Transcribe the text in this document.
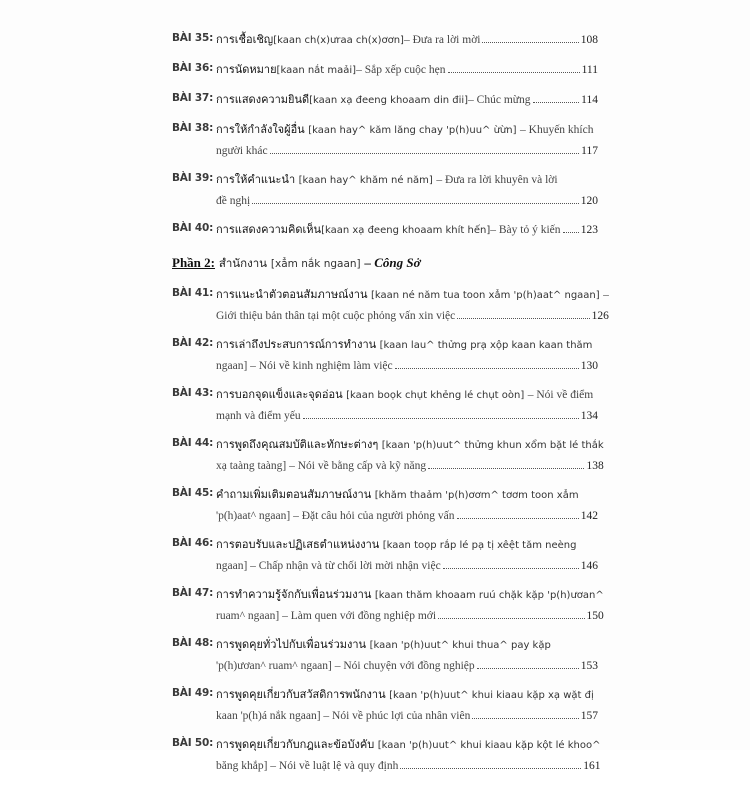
BÀI 35: การเชื้อเชิญ [kaan ch(x)ưraa ch(x)ơơn] – Đưa ra lời mời	108
BÀI 36: การนัดหมาย [kaan nắt maải] – Sắp xếp cuộc hẹn	111
BÀI 37: การแสดงความยินดี [kaan xạ đeeng khoaam din đii] – Chúc mừng	114
BÀI 38: การให้กำลังใจผู้อื่น [kaan hay^ kăm lăng chay 'p(h)uu^ ừừn] – Khuyến khích
người khác	117
BÀI 39: การให้คำแนะนำ [kaan hay^ khăm né năm] – Đưa ra lời khuyên và lời
đề nghị	120
BÀI 40: การแสดงความคิดเห็น [kaan xạ đeeng khoaam khít hến] – Bày tỏ ý kiến 123
Phần 2: สำนักงาน [xẳm nắk ngaan] – Công Sở
BÀI 41: การแนะนำตัวตอนสัมภาษณ์งาน [kaan né năm tua toon xẳm 'p(h)aat^ ngaan] –
Giới thiệu bản thân tại một cuộc phỏng vấn xin việc	126
BÀI 42: การเล่าถึงประสบการณ์การทำงาน [kaan lau^ thửng prạ xộp kaan kaan thăm
ngaan] – Nói về kinh nghiệm làm việc	130
BÀI 43: การบอกจุดแข็งและจุดอ่อน [kaan boọk chụt khẻng lé chụt oòn] – Nói về điểm
mạnh và điểm yếu	134
BÀI 44: การพูดถึงคุณสมบัติและทักษะต่างๆ [kaan 'p(h)uut^ thửng khun xổm bặt lé thắk
xạ taàng taàng] – Nói về bằng cấp và kỹ năng	138
BÀI 45: คำถามเพิ่มเติมตอนสัมภาษณ์งาน [khăm thaảm 'p(h)ơơm^ tơơm toon xẳm
'p(h)aat^ ngaan] – Đặt câu hỏi của người phỏng vấn	142
BÀI 46: การตอบรับและปฏิเสธตำแหน่งงาน [kaan toọp rắp lé pạ tị xêệt tăm neèng
ngaan] – Chấp nhận và từ chối lời mời nhận việc	146
BÀI 47: การทำความรู้จักกับเพื่อนร่วมงาน [kaan thăm khoaam ruú chặk kặp 'p(h)ươan^
ruam^ ngaan] – Làm quen với đồng nghiệp mới	150
BÀI 48: การพูดคุยทั่วไปกับเพื่อนร่วมงาน [kaan 'p(h)uut^ khui thua^ pay kặp
'p(h)ươan^ ruam^ ngaan] – Nói chuyện với đồng nghiệp	153
BÀI 49: การพูดคุยเกี่ยวกับสวัสดิการพนักงาน [kaan 'p(h)uut^ khui kiaau kặp xạ wặt đị
kaan 'p(h)á nắk ngaan] – Nói về phúc lợi của nhân viên	157
BÀI 50: การพูดคุยเกี่ยวกับกฎและข้อบังคับ [kaan 'p(h)uut^ khui kiaau kặp kột lé khoo^
băng khắp] – Nói về luật lệ và quy định	161
